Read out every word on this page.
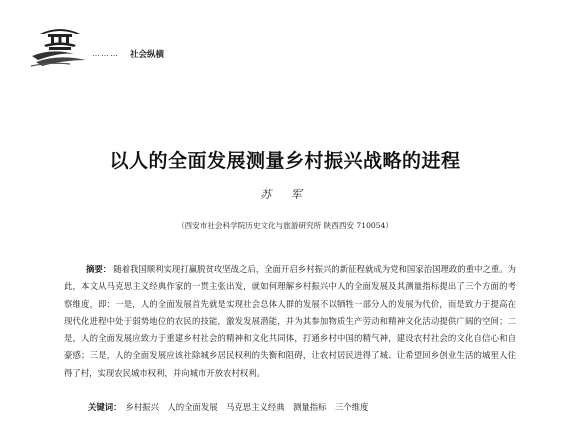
……… 社会纵横
以人的全面发展测量乡村振兴战略的进程
苏 军
（西安市社会科学院历史文化与旅游研究所 陕西西安 710054）
摘要： 随着我国顺利实现打赢脱贫攻坚战之后，全面开启乡村振兴的新征程就成为党和国家治国理政的重中之重。为此，本文从马克思主义经典作家的一贯主张出发，就如何理解乡村振兴中人的全面发展及其测量指标提出了三个方面的考察维度，即：一是，人的全面发展首先就是实现社会总体人群的发展不以牺牲一部分人的发展为代价，而是致力于提高在现代化进程中处于弱势地位的农民的技能，激发发展潜能，并为其参加物质生产劳动和精神文化活动提供广阔的空间；二是，人的全面发展应致力于重建乡村社会的精神和文化共同体，打通乡村中国的精气神，建设农村社会的文化自信心和自豪感；三是，人的全面发展应该社除城乡居民权利的失衡和阻碍，让农村居民进得了城、让希望回乡创业生活的城里人住得了村，实现农民城市权利，并向城市开放农村权利。
关键词： 乡村振兴　人的全面发展　马克思主义经典　测量指标　三个维度
